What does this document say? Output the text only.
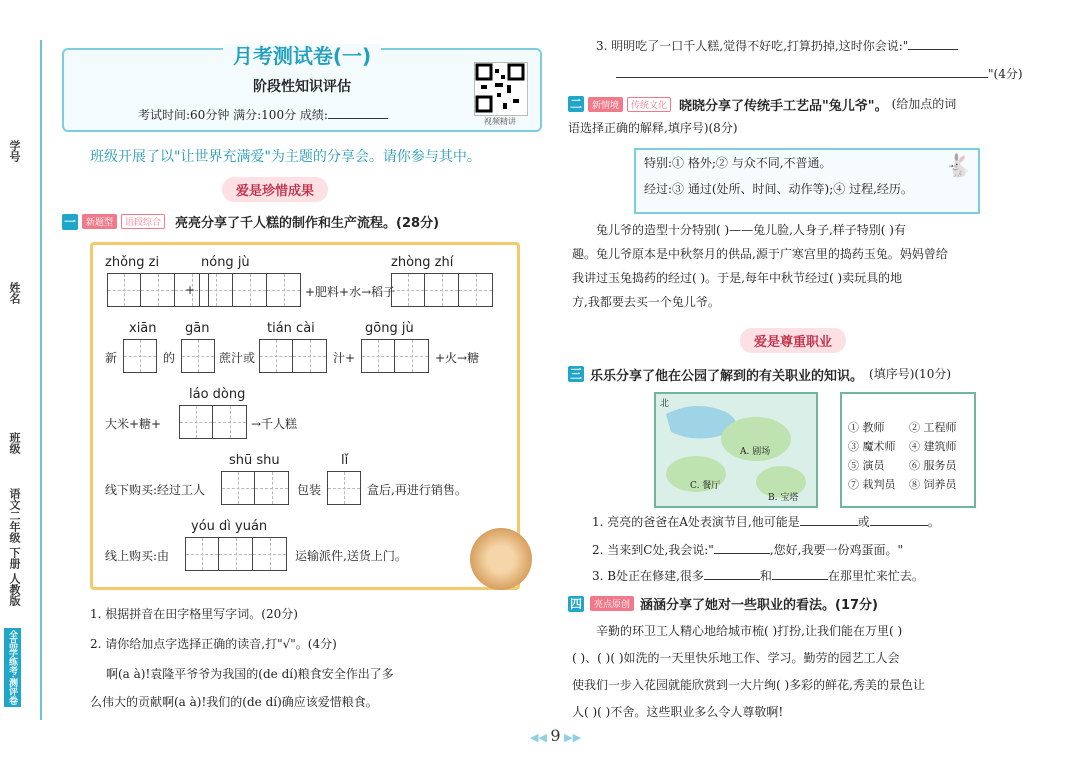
学号
姓名
班级
语文二年级 下册 人教版
全品学练考·测评卷
月考测试卷(一)
阶段性知识评估
考试时间:60分钟 满分:100分 成绩:	视频精讲
班级开展了以"让世界充满爱"为主题的分享会。请你参与其中。
爱是珍惜成果
一	新题型	语段综合	亮亮分享了千人糕的制作和生产流程。(28分)
zhǒng zi	nóng jù	zhòng zhí
+	+肥料+水→稻子
xiān gān	tián cài	gōng jù
新	的	蔗汁或	汁+	+火→糖
láo dòng
大米+糖+	→千人糕
shū shu	lǐ
线下购买:经过工人	包装	盒后,再进行销售。
yóu dì yuán
线上购买:由	运输派件,送货上门。
1. 根据拼音在田字格里写字词。(20分)
2. 请你给加点字选择正确的读音,打"√"。(4分)
啊(a à)!袁隆平爷爷为我国的(de dí)粮食安全作出了多
么伟大的贡献啊(a à)!我们的(de dí)确应该爱惜粮食。
3. 明明吃了一口千人糕,觉得不好吃,打算扔掉,这时你会说:"
"(4分)
二	新情境	传统文化 晓晓分享了传统手工艺品"兔儿爷"。 (给加点的词
语选择正确的解释,填序号)(8分)
特别:① 格外;② 与众不同,不普通。
经过:③ 通过(处所、时间、动作等);④ 过程,经历。
🐇
兔儿爷的造型十分特别( )——兔儿脸,人身子,样子特别( )有
趣。兔儿爷原本是中秋祭月的供品,源于广寒宫里的捣药玉兔。妈妈曾给
我讲过玉兔捣药的经过( )。于是,每年中秋节经过( )卖玩具的地
方,我都要去买一个兔儿爷。
爱是尊重职业
三 乐乐分享了他在公园了解到的有关职业的知识。 (填序号)(10分)
北
A. 剧场
C. 餐厅
B. 宝塔
① 教师	② 工程师
③ 魔术师	④ 建筑师
⑤ 演员	⑥ 服务员
⑦ 栽判员	⑧ 饲养员
1. 亮亮的爸爸在A处表演节目,他可能是	或	。
2. 当来到C处,我会说:"	,您好,我要一份鸡蛋面。"
3. B处正在修建,很多	和	在那里忙来忙去。
四	亮点原创 涵涵分享了她对一些职业的看法。(17分)
辛勤的环卫工人精心地给城市梳( )打扮,让我们能在万里( )
( )、( )( )如洗的一天里快乐地工作、学习。勤劳的园艺工人会
使我们一步入花园就能欣赏到一大片绚( )多彩的鲜花,秀美的景色让
人( )( )不舍。这些职业多么令人尊敬啊!
◀◀ 9 ▶▶
